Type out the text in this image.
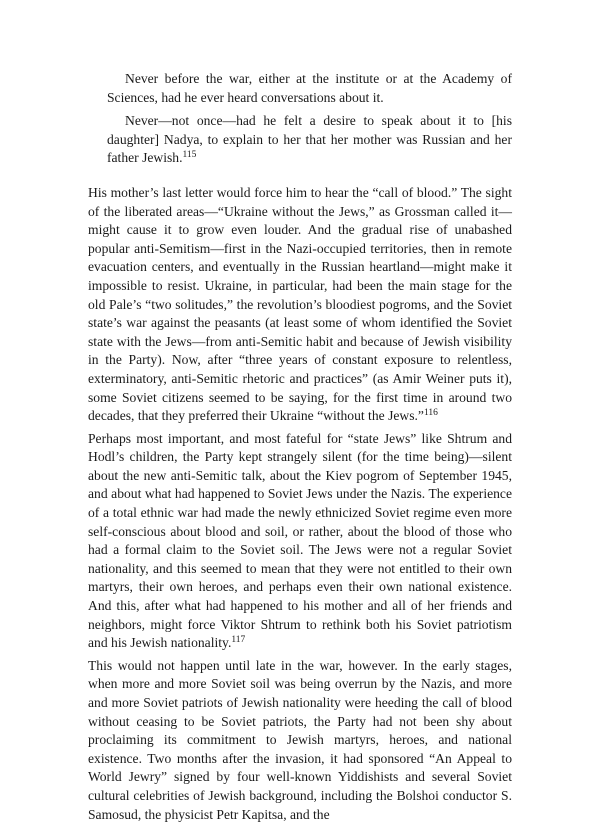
Never before the war, either at the institute or at the Academy of Sciences, had he ever heard conversations about it.

Never—not once—had he felt a desire to speak about it to [his daughter] Nadya, to explain to her that her mother was Russian and her father Jewish.$^{115}$

His mother’s last letter would force him to hear the “call of blood.” The sight of the liberated areas—“Ukraine without the Jews,” as Grossman called it—might cause it to grow even louder. And the gradual rise of unabashed popular anti-Semitism—first in the Nazi-occupied territories, then in remote evacuation centers, and eventually in the Russian heartland—might make it impossible to resist. Ukraine, in particular, had been the main stage for the old Pale’s “two solitudes,” the revolution’s bloodiest pogroms, and the Soviet state’s war against the peasants (at least some of whom identified the Soviet state with the Jews—from anti-Semitic habit and because of Jewish visibility in the Party). Now, after “three years of constant exposure to relentless, exterminatory, anti-Semitic rhetoric and practices” (as Amir Weiner puts it), some Soviet citizens seemed to be saying, for the first time in around two decades, that they preferred their Ukraine “without the Jews.”$^{116}$

Perhaps most important, and most fateful for “state Jews” like Shtrum and Hodl’s children, the Party kept strangely silent (for the time being)—silent about the new anti-Semitic talk, about the Kiev pogrom of September 1945, and about what had happened to Soviet Jews under the Nazis. The experience of a total ethnic war had made the newly ethnicized Soviet regime even more self-conscious about blood and soil, or rather, about the blood of those who had a formal claim to the Soviet soil. The Jews were not a regular Soviet nationality, and this seemed to mean that they were not entitled to their own martyrs, their own heroes, and perhaps even their own national existence. And this, after what had happened to his mother and all of her friends and neighbors, might force Viktor Shtrum to rethink both his Soviet patriotism and his Jewish nationality.$^{117}$

This would not happen until late in the war, however. In the early stages, when more and more Soviet soil was being overrun by the Nazis, and more and more Soviet patriots of Jewish nationality were heeding the call of blood without ceasing to be Soviet patriots, the Party had not been shy about proclaiming its commitment to Jewish martyrs, heroes, and national existence. Two months after the invasion, it had sponsored “An Appeal to World Jewry” signed by four well-known Yiddishists and several Soviet cultural celebrities of Jewish background, including the Bolshoi conductor S. Samosud, the physicist Petr Kapitsa, and the
